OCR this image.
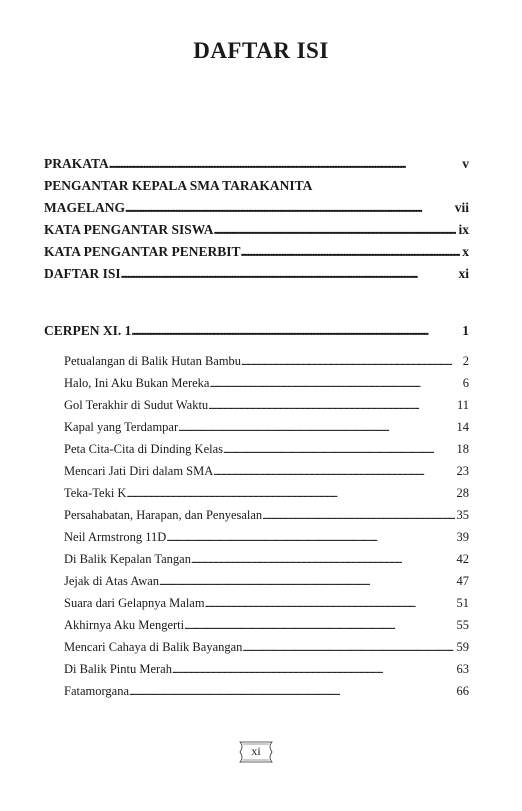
DAFTAR ISI
PRAKATA . . .	v
PENGANTAR KEPALA SMA TARAKANITA
MAGELANG . . .	vii
KATA PENGANTAR SISWA . . .	ix
KATA PENGANTAR PENERBIT . . .	x
DAFTAR ISI . . .	xi
CERPEN XI. 1 . . .	1
Petualangan di Balik Hutan Bambu . . .	2
Halo, Ini Aku Bukan Mereka . . .	6
Gol Terakhir di Sudut Waktu . . .	11
Kapal yang Terdampar . . .	14
Peta Cita-Cita di Dinding Kelas . . .	18
Mencari Jati Diri dalam SMA . . .	23
Teka-Teki K . . .	28
Persahabatan, Harapan, dan Penyesalan . . .	35
Neil Armstrong 11D . . .	39
Di Balik Kepalan Tangan . . .	42
Jejak di Atas Awan . . .	47
Suara dari Gelapnya Malam . . .	51
Akhirnya Aku Mengerti . . .	55
Mencari Cahaya di Balik Bayangan . . .	59
Di Balik Pintu Merah . . .	63
Fatamorgana . . .	66
xi
